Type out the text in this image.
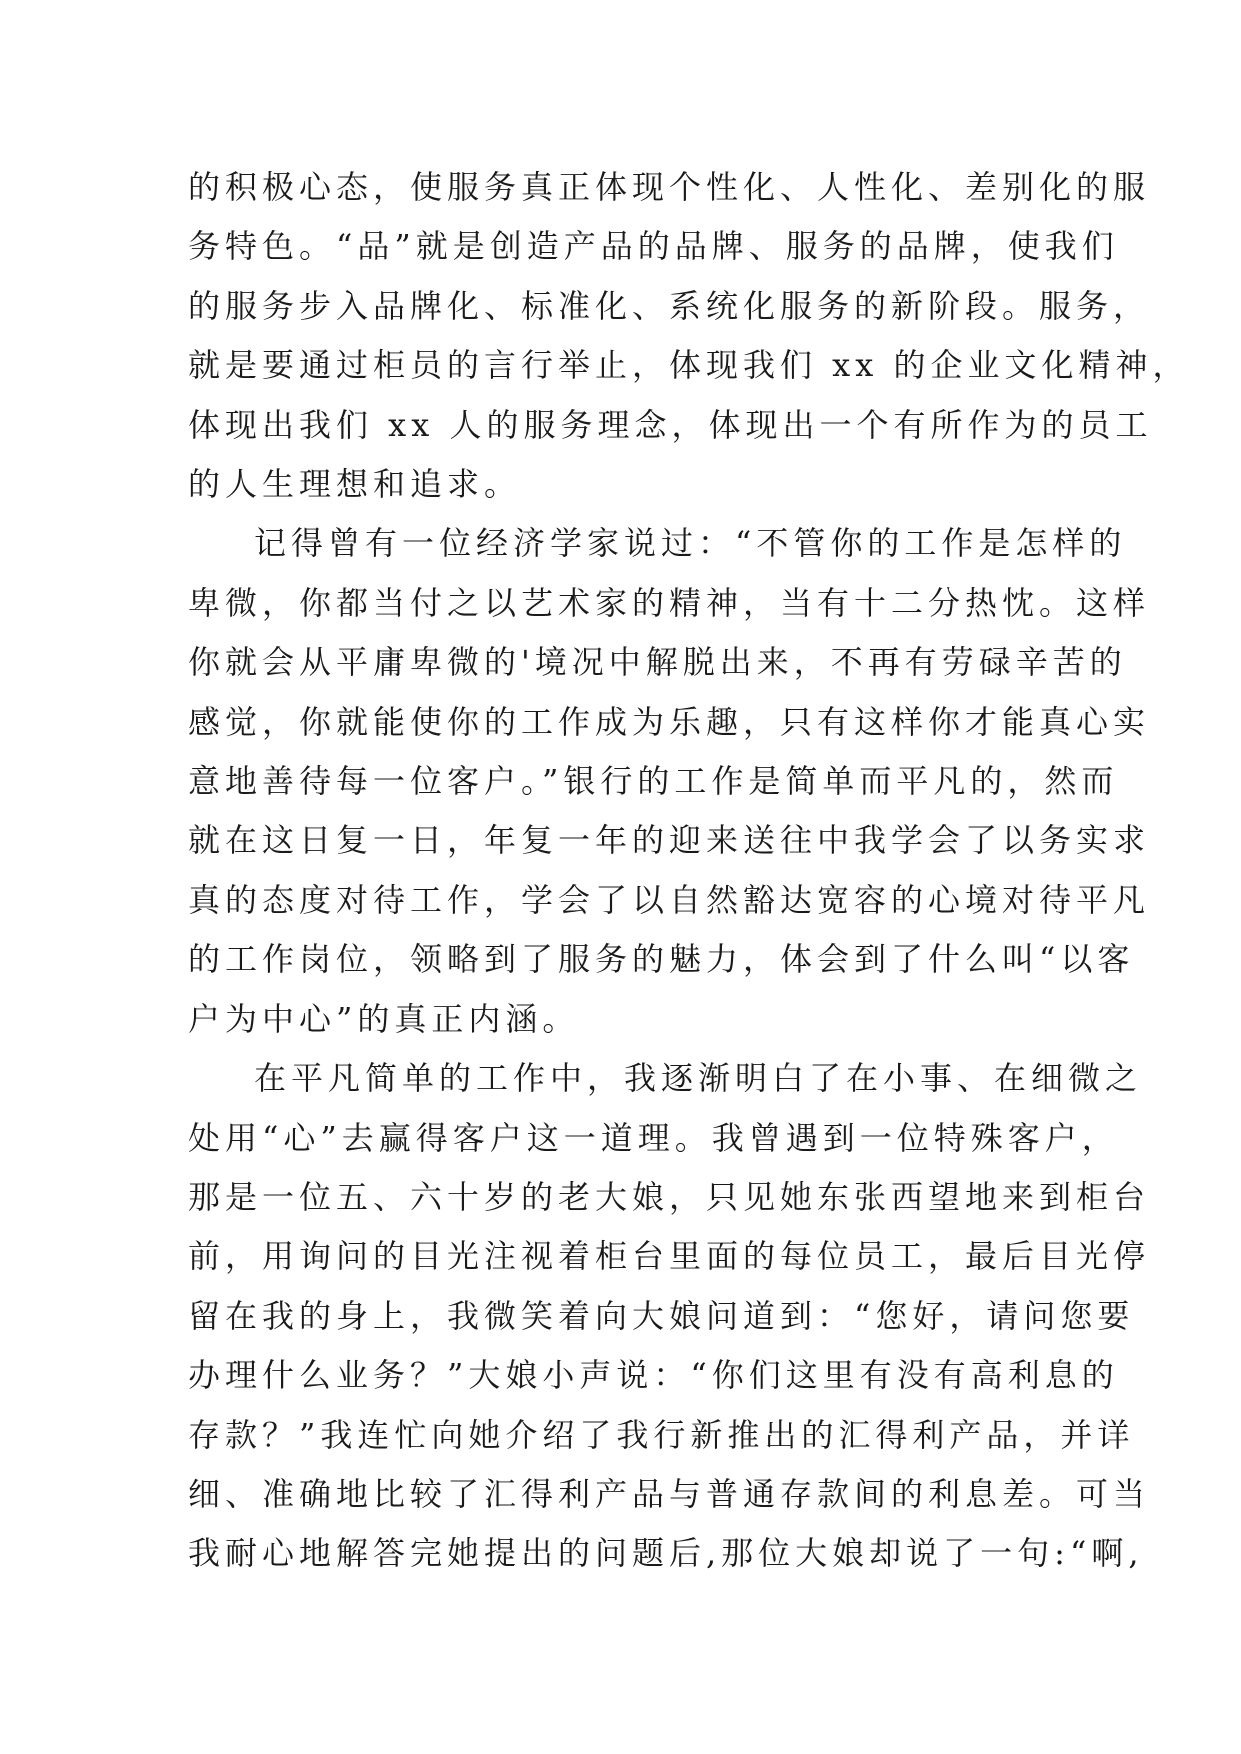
的积极心态，使服务真正体现个性化、人性化、差别化的服
务特色。“品”就是创造产品的品牌、服务的品牌，使我们
的服务步入品牌化、标准化、系统化服务的新阶段。服务，
就是要通过柜员的言行举止，体现我们 xx 的企业文化精神，
体现出我们 xx 人的服务理念，体现出一个有所作为的员工
的人生理想和追求。
记得曾有一位经济学家说过：“不管你的工作是怎样的
卑微，你都当付之以艺术家的精神，当有十二分热忱。这样
你就会从平庸卑微的'境况中解脱出来，不再有劳碌辛苦的
感觉，你就能使你的工作成为乐趣，只有这样你才能真心实
意地善待每一位客户。”银行的工作是简单而平凡的，然而
就在这日复一日，年复一年的迎来送往中我学会了以务实求
真的态度对待工作，学会了以自然豁达宽容的心境对待平凡
的工作岗位，领略到了服务的魅力，体会到了什么叫“以客
户为中心”的真正内涵。
在平凡简单的工作中，我逐渐明白了在小事、在细微之
处用“心”去赢得客户这一道理。我曾遇到一位特殊客户，
那是一位五、六十岁的老大娘，只见她东张西望地来到柜台
前，用询问的目光注视着柜台里面的每位员工，最后目光停
留在我的身上，我微笑着向大娘问道到：“您好，请问您要
办理什么业务？”大娘小声说：“你们这里有没有高利息的
存款？”我连忙向她介绍了我行新推出的汇得利产品，并详
细、准确地比较了汇得利产品与普通存款间的利息差。可当
我耐心地解答完她提出的问题后,那位大娘却说了一句:“啊,
